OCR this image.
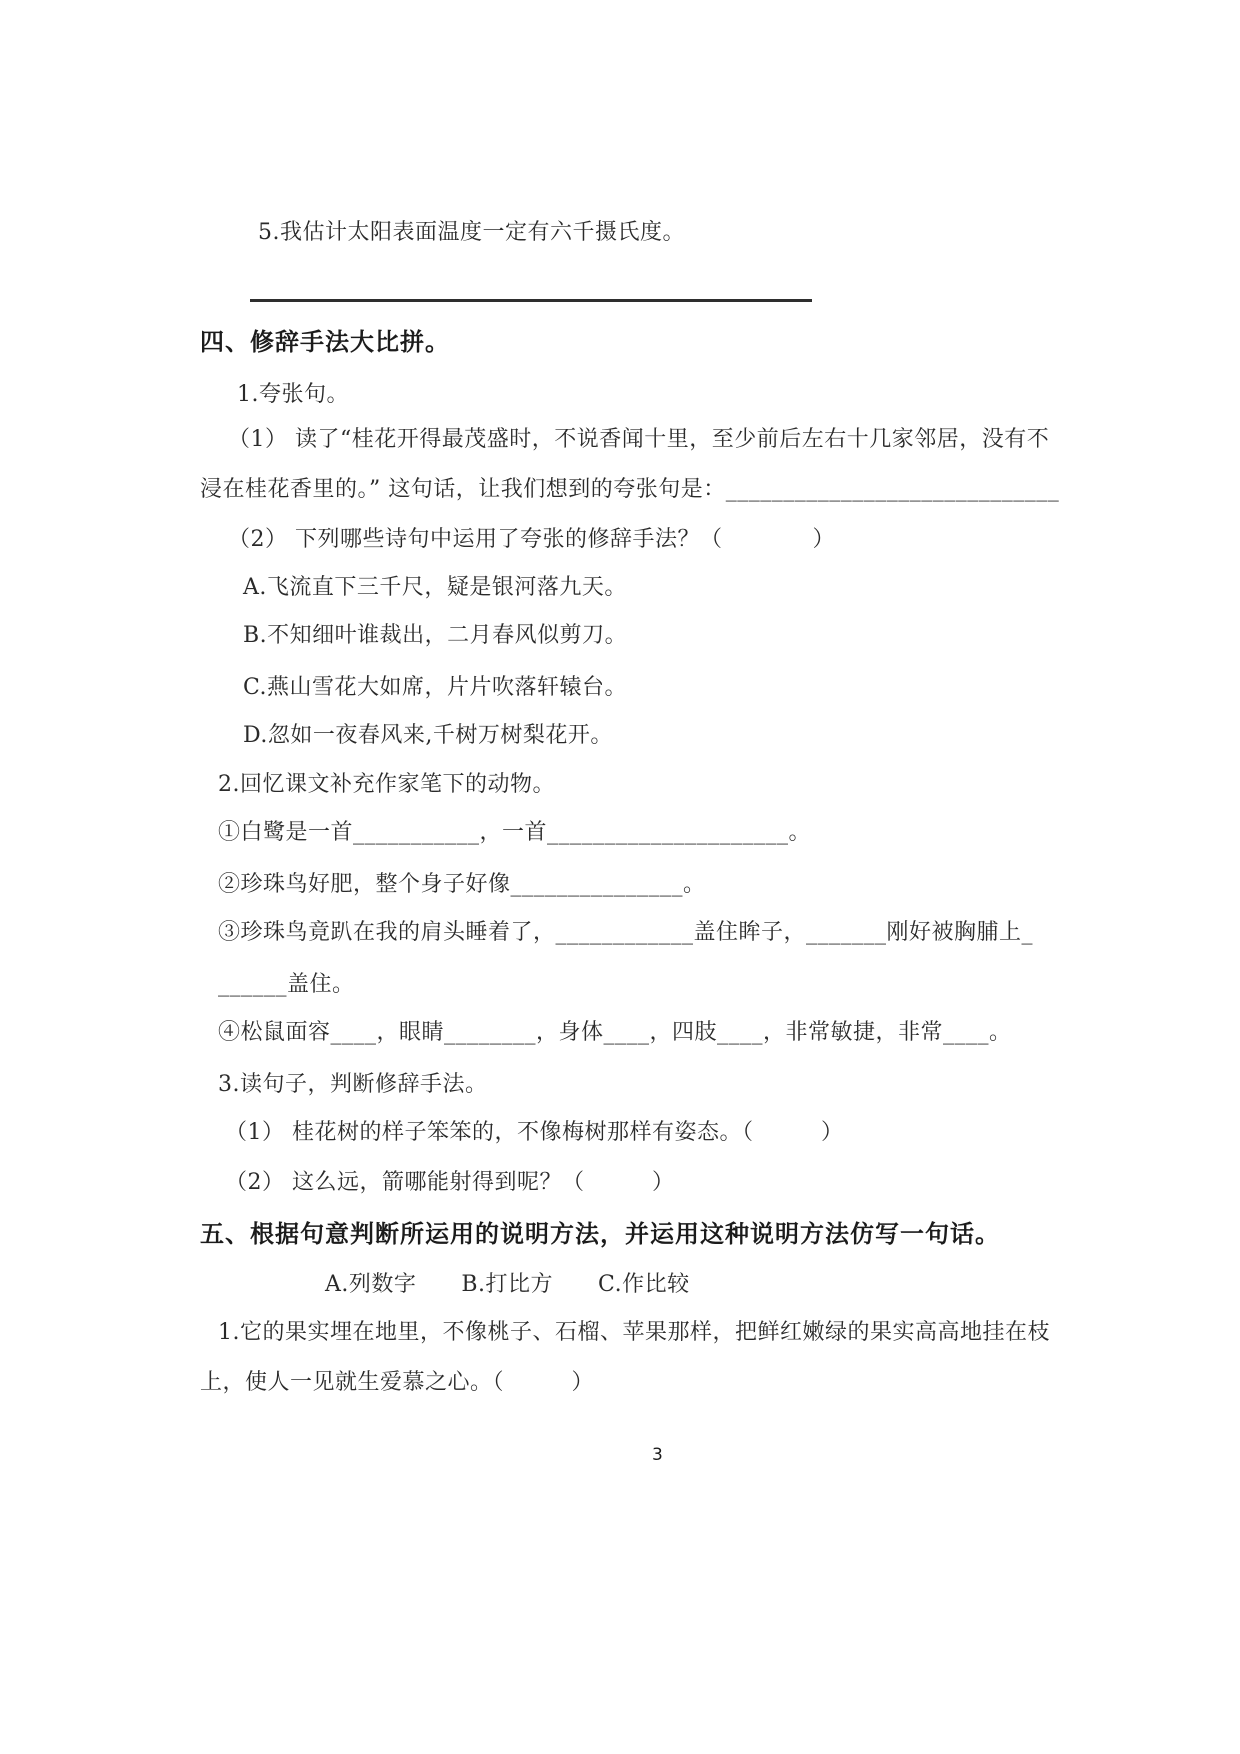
5.我估计太阳表面温度一定有六千摄氏度。
四、修辞手法大比拼。
1.夸张句。
（1） 读了“桂花开得最茂盛时，不说香闻十里，至少前后左右十几家邻居，没有不
浸在桂花香里的。” 这句话，让我们想到的夸张句是：_____________________________
（2） 下列哪些诗句中运用了夸张的修辞手法？（　　　　）
A.飞流直下三千尺，疑是银河落九天。
B.不知细叶谁裁出，二月春风似剪刀。
C.燕山雪花大如席，片片吹落轩辕台。
D.忽如一夜春风来,千树万树梨花开。
2.回忆课文补充作家笔下的动物。
①白鹭是一首___________，一首_____________________。
②珍珠鸟好肥，整个身子好像_______________。
③珍珠鸟竟趴在我的肩头睡着了，____________盖住眸子，_______刚好被胸脯上_
______盖住。
④松鼠面容____，眼睛________，身体____，四肢____，非常敏捷，非常____。
3.读句子，判断修辞手法。
（1） 桂花树的样子笨笨的，不像梅树那样有姿态。（　　　）
（2） 这么远，箭哪能射得到呢？（　　　）
五、根据句意判断所运用的说明方法，并运用这种说明方法仿写一句话。
A.列数字　　B.打比方　　C.作比较
1.它的果实埋在地里，不像桃子、石榴、苹果那样，把鲜红嫩绿的果实高高地挂在枝
上，使人一见就生爱慕之心。（　　　）
3
